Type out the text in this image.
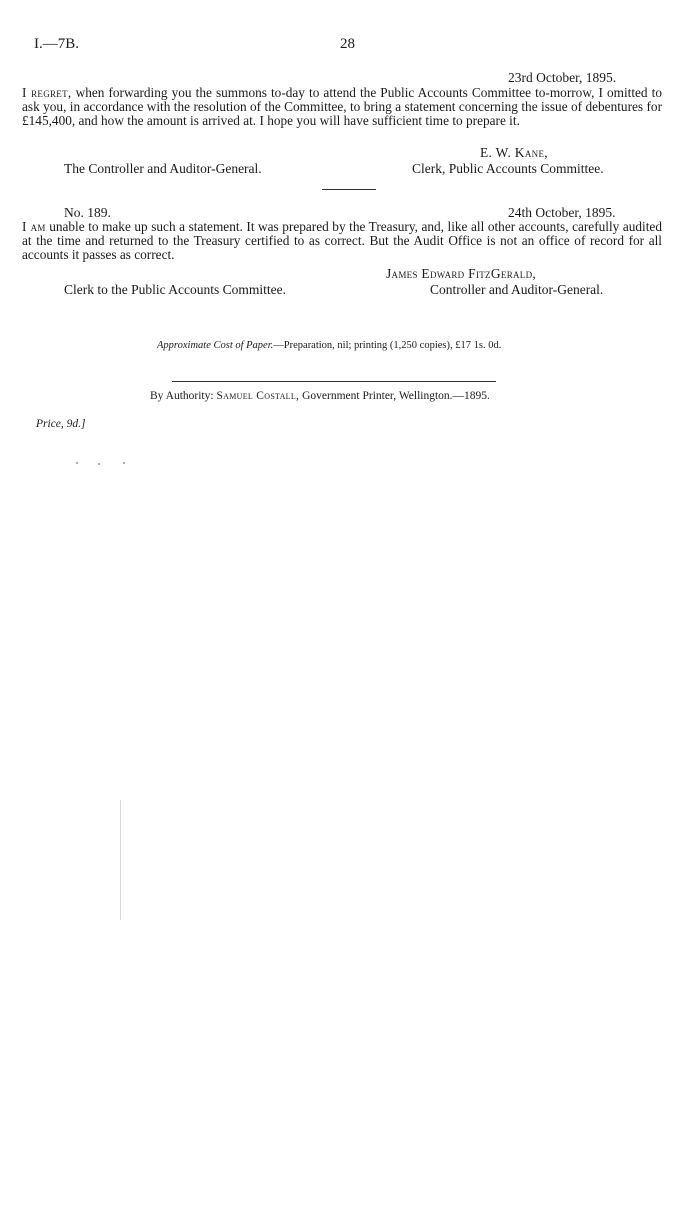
I.—7B.	28
23rd October, 1895.
I regret, when forwarding you the summons to-day to attend the Public Accounts Committee to-morrow, I omitted to ask you, in accordance with the resolution of the Committee, to bring a statement concerning the issue of debentures for £145,400, and how the amount is arrived at. I hope you will have sufficient time to prepare it.
E. W. Kane,
The Controller and Auditor-General.	Clerk, Public Accounts Committee.
No. 189.	24th October, 1895.
I am unable to make up such a statement. It was prepared by the Treasury, and, like all other accounts, carefully audited at the time and returned to the Treasury certified to as correct. But the Audit Office is not an office of record for all accounts it passes as correct.
James Edward FitzGerald,
Clerk to the Public Accounts Committee.	Controller and Auditor-General.
Approximate Cost of Paper.—Preparation, nil; printing (1,250 copies), £17 1s. 0d.
By Authority: Samuel Costall, Government Printer, Wellington.—1895.
Price, 9d.]
